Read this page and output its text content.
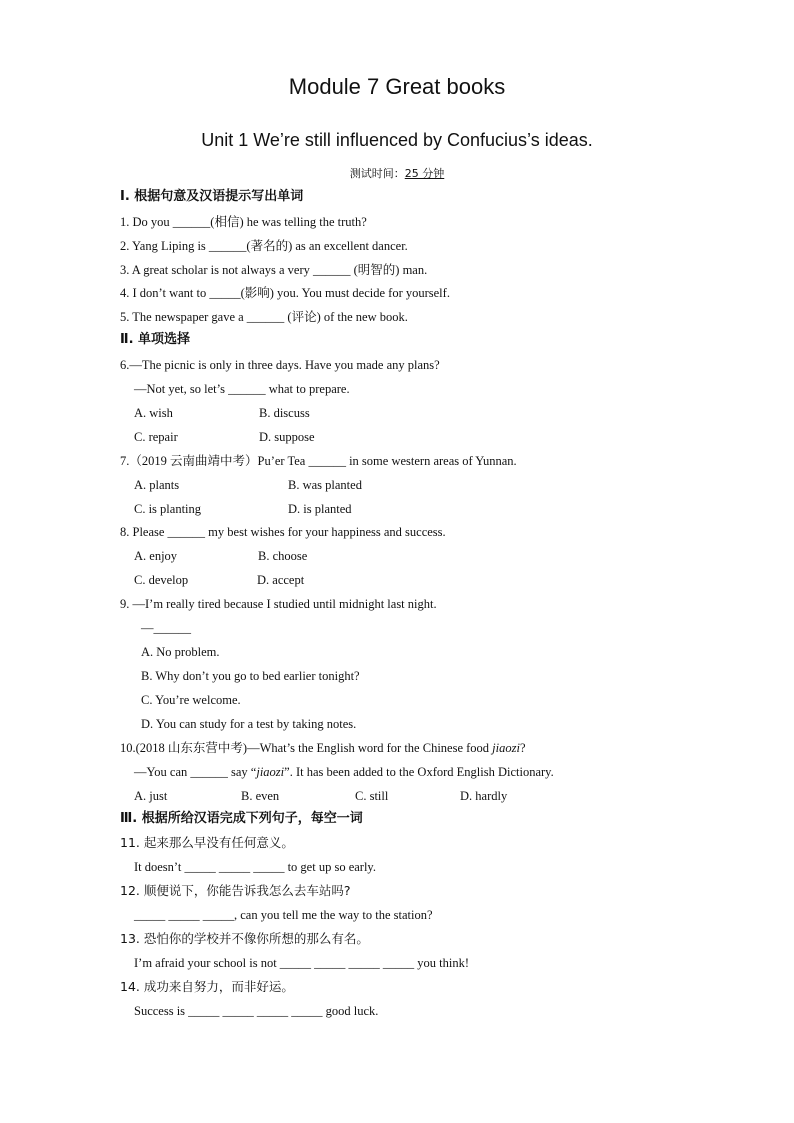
Module 7 Great books
Unit 1 We’re still influenced by Confucius’s ideas.
测试时间：25 分钟
Ⅰ. 根据句意及汉语提示写出单词
1. Do you ______(相信) he was telling the truth?
2. Yang Liping is ______(著名的) as an excellent dancer.
3. A great scholar is not always a very ______ (明智的) man.
4. I don’t want to _____(影响) you. You must decide for yourself.
5. The newspaper gave a ______ (评论) of the new book.
Ⅱ. 单项选择
6.—The picnic is only in three days. Have you made any plans?
—Not yet, so let’s ______ what to prepare.
A. wish	B. discuss
C. repair	D. suppose
7.（2019 云南曲靖中考）Pu’er Tea ______ in some western areas of Yunnan.
A. plants	B. was planted
C. is planting	D. is planted
8. Please ______ my best wishes for your happiness and success.
A. enjoy	B. choose
C. develop	D. accept
9. —I’m really tired because I studied until midnight last night.
—______
A. No problem.
B. Why don’t you go to bed earlier tonight?
C. You’re welcome.
D. You can study for a test by taking notes.
10.(2018 山东东营中考)—What’s the English word for the Chinese food jiaozi?
—You can ______ say “jiaozi”. It has been added to the Oxford English Dictionary.
A. just	B. even	C. still	D. hardly
Ⅲ. 根据所给汉语完成下列句子，每空一词
11. 起来那么早没有任何意义。
It doesn’t _____ _____ _____ to get up so early.
12. 顺便说下，你能告诉我怎么去车站吗?
_____ _____ _____, can you tell me the way to the station?
13. 恐怕你的学校并不像你所想的那么有名。
I’m afraid your school is not _____ _____ _____ _____ you think!
14. 成功来自努力，而非好运。
Success is _____ _____ _____ _____ good luck.
